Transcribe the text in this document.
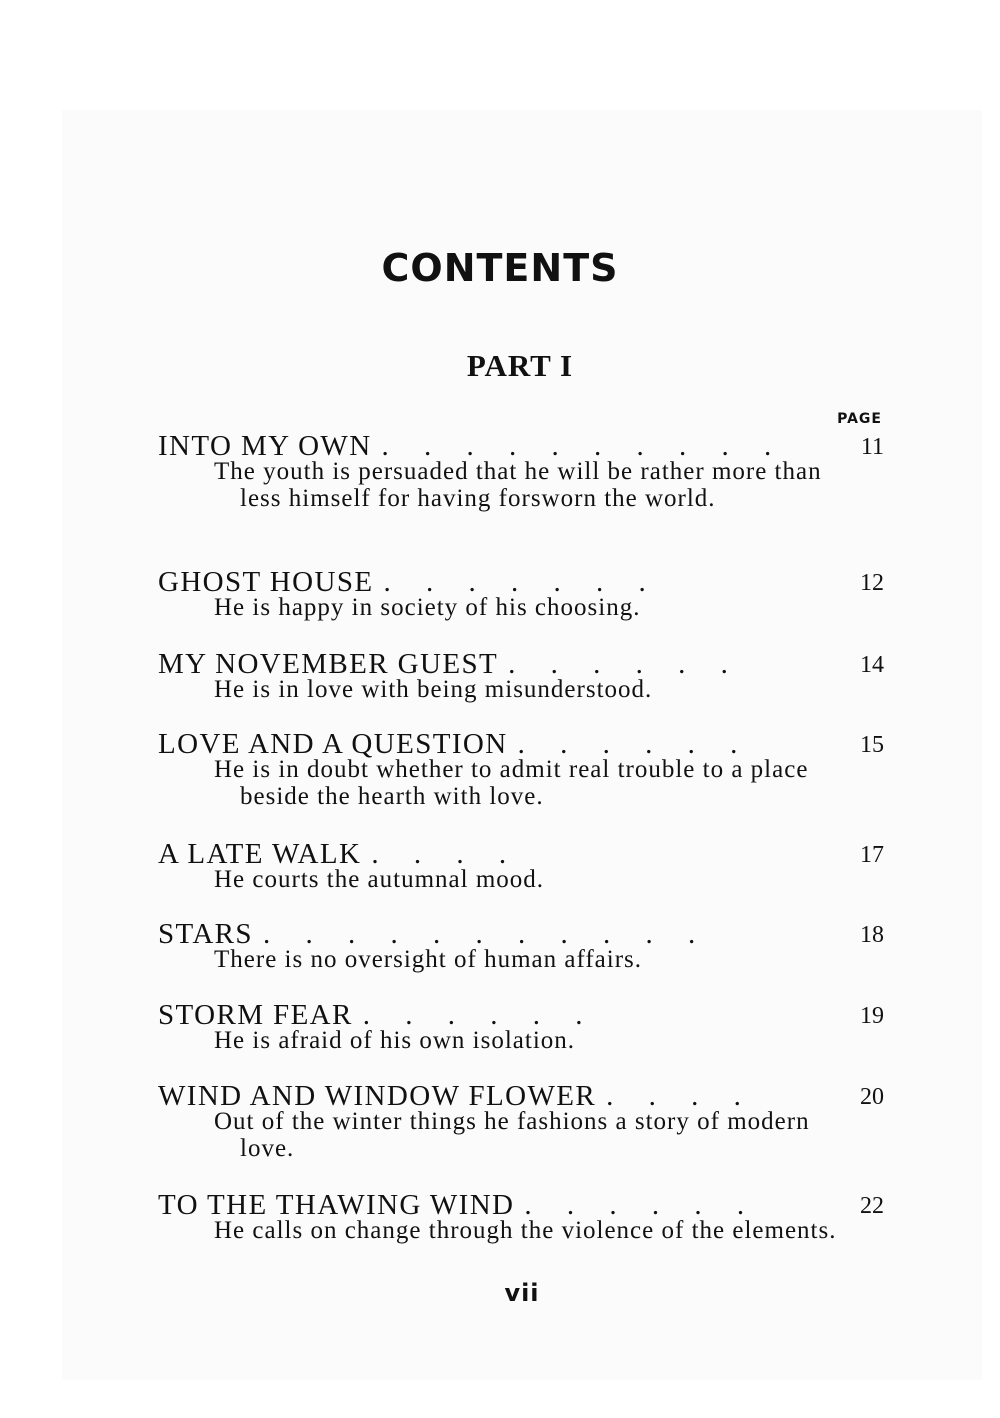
CONTENTS
PART I
PAGE
INTO MY OWN . . . . . . . . . .	11
The youth is persuaded that he will be rather more than less himself for having forsworn the world.
GHOST HOUSE . . . . . . .	12
He is happy in society of his choosing.
MY NOVEMBER GUEST . . . . . .	14
He is in love with being misunderstood.
LOVE AND A QUESTION . . . . . .	15
He is in doubt whether to admit real trouble to a place beside the hearth with love.
A LATE WALK . . . .	17
He courts the autumnal mood.
STARS . . . . . . . . . . .	18
There is no oversight of human affairs.
STORM FEAR . . . . . .	19
He is afraid of his own isolation.
WIND AND WINDOW FLOWER . . . .	20
Out of the winter things he fashions a story of modern love.
TO THE THAWING WIND . . . . . .	22
He calls on change through the violence of the elements.
vii
